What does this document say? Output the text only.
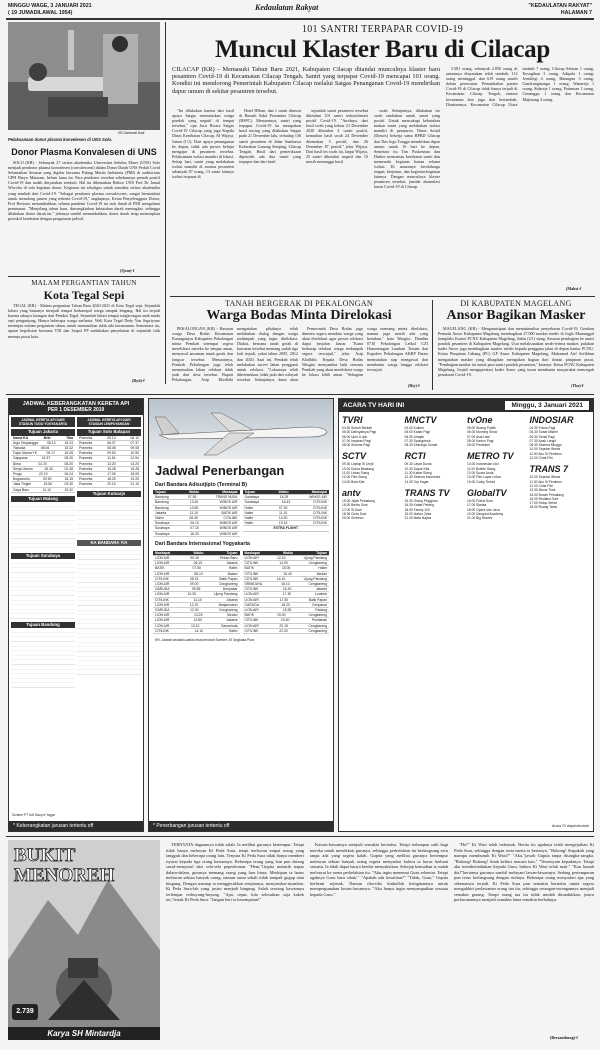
MINGGU WAGE, 3 JANUARI 2021
( 19 JUMADILAWAL 1954)
Kedaulatan Rakyat	"KEDAULATAN RAKYAT"
HALAMAN 7
KR-Damiandi Hadi
Pelaksanaan donor plasma konvelesen di UNS Solo.
Donor Plasma Konvalesen di UNS

SOLO (KR) - Sebanyak 27 sivitas akademika Universitas Sebelas Maret (UNS) Solo menjadi pendonor plasma konvalesen (convalescent) dalam Donor Darah UNS Peduli Covid Selamatkan Sesama yang digelar bersama Palang Merah Indonesia (PMI) di auditorium GPH Haryo Mataram, belum lama ini. Para pendonor tersebut sebelumnya pernah positif Covid-19 dan sudah dinyatakan sembuh. Hal itu dibenarkan Rektor UNS Prof Dr Jamal Wiwoho di sela kegiatan donor. Kegiatan ini sekaligus untuk mendata sivitas akademika yang sembuh dari Covid-19. "Sebagai pendonor plasma convalescent, sangat bermanfaat untuk menolong pasien yang terkena Covid-19," ungkapnya. Ketua Penyelenggara Donor, Prof Reviono menambahkan, selama pandemi Covid-19 ini stok darah di PMI mengalami penurunan. "Menjelang tahun baru, dimungkinkan kebutuhan darah meningkat, sehingga dilakukan donor darah ini," jelasnya sambil menambahkan, donor darah tetap menerapkan protokol kesehatan dengan pengaturan jadwal.

(Qom)-f
MALAM PERGANTIAN TAHUN
Kota Tegal Sepi

TEGAL (KR) - Malam pergantian Tahun Baru 2020-2021 di Kota Tegal sepi. Sejumlah lokasi yang biasanya menjadi tempat berkumpul warga tampak lengang. Hal itu terjadi karena adanya larangan dari Pemkot Tegal. Sejumlah lokasi tempat tongkrongan anak muda sepi pengunjung. Hanya beberapa warga melintas. Wali Kota Tegal Dedy Yon Supriyono meninjau malam pergantian tahun, untuk memastikan tidak ada kerumunan. Sementara itu, aparat kepolisian bersama TNI dan Satpol PP melakukan penyekatan di sejumlah titik menuju pusat kota.

(Ryd)-f
101 SANTRI TERPAPAR COVID-19
Muncul Klaster Baru di Cilacap
CILACAP (KR) - Memasuki Tahun Baru 2021, Kabupaten Cilacap ditandai munculnya klaster baru pesantren Covid-19 di Kecamatan Cilacap Tengah. Santri yang terpapar Covid-19 mencapai 101 orang. Kondisi ini mendorong Pemerintah Kabupaten Cilacap melalui Satgas Penanganan Covid-19 mendirikan dapur umum di sekitar pesantren tersebut.

"Ini dilakukan karena dari hasil upaya Satgas memutuskan warga pondok yang negatif di tempat tersebut," ujar Juru Bicara Satgas Covid-19 Cilacap yang juga Kepala Dinas Kesehatan Cilacap, M Wijaya, Jumat (1/1). Dari upaya penanganan ke depan, tidak ada proses belajar mengajar di pesantren tersebut. Pelaksanaan isolasi mandiri di lokasi. Setiap hari, santri yang melakukan isolasi mandiri di asrama pesantren sebanyak 87 orang, 13 santri lainnya isolasi terpusat di

Hotel HRom, dan 1 santri dirawat di Rumah Sakit Pertamina Cilacap (RSPC). Menurutnya, santri yang terpapar Covid-19 itu merupakan hasil tracing yang dilakukan Satgas pada 21 Desember lalu, terhadap 136 santri pesantren di Jalan Sumbawa Kelurahan Gunung Simping, Cilacap Tengah. Hasil dari pemeriksaan diperoleh ada dua santri yang terpapar dan dari hasil

sejumlah santri pesantren tersebut diketahui 101 santri terkonfirmasi positif Covid-19. "Awalnya, dari hasil swab yang keluar 21 Desember 2020 diketahui 4 santri positif, kemudian hasil swab 24 Desember ditemukan 5 positif, dan 26 Desember 87 positif," jelas Wijaya. Dari hasil tes swab itu, lanjut Wijaya, 25 santri diketahui negatif dan 10 masih menunggu hasil

swab. Selanjutnya, dilakukan tes swab tambahan untuk santri yang positif. Untuk mencukupi kebutuhan makan santri yang melakukan isolasi mandiri di pesantren, Dinas Sosial (Dinsos) bekerja sama BPBD Cilacap dan Tim Jogo Tonggo mendirikan dapur umum untuk 10 hari ke depan. Semetara itu Tim Puskesmas dan Dinkes memantau kesehatan santri dan memenuhi kegiatan harian selama isolasi. Di antaranya berolahraga ringan, berjemur, dan kegiatan-kegiatan lainnya. Dengan munculnya klaster pesantren tersebut, jumlah akumulasi kasus Covid-19 di Cilacap

3.581 orang, sebanyak 2.850 orang di antaranya dinyatakan telah sembuh, 112 orang meninggal, dan 619 orang masih dalam perawatan. Penambahan pasien Covid-19 di Cilacap tidak hanya terjadi di Kecamatan Cilacap Tengah, namun kecamatan lain juga ikut bertambah. Diantaranya, Kecamatan Cilacap Utara tambah 7 orang, Cilacap Selatan 1 orang, Kesugihan 3 orang, Adipala 1 orang, Jeruklegi 4 orang, Binangun 3 orang, Gandrungmangu 1 orang, Wanareja 1 orang, Sidareja 1 orang, Patimuan 1 orang, Cimanggu 1 orang dan Kecamatan Majenang 4 orang.

(Maksi-f
TANAH BERGERAK DI PEKALONGAN
Warga Bodas Minta Direlokasi

PEKALONGAN (KR) - Ratusan warga Desa Bodas Kecamatan Karanganyar Kabupaten Pekalongan minta Pemkab setempat segera merelokasi mereka ke tempat aman, menyusul ancaman tanah gerak dan longsor tersebut. Menurutnya, Pemkab Pekalongan juga telah memutuskan lahan relokasi tidak jauh dari desa tersebut. Bupati Pekalongan, Asip Kholbihi mengatakan pihaknya telah melakukan dialog dengan warga terdampak yang ingin direlokasi. Diakui, bencana tanah gerak di kawasan tersebut memang sudah tiga kali terjadi, yakni tahun 2005, 2012 dan 2020. Saat ini, Pemkab telah melakukan survei lahan pengganti untuk relokasi. "Lokasinya telah diketemukan, tidak jauh dari wilayah tersebut. Selanjutnya, kami akan

Pemerintah Desa Bodas juga diminta segera mendata warga yang akan direlokasi agar proses relokasi dapat berjalan lancar. "Kami berharap relokasi warga terdampak segera terwujud," jelas Asip Kholbihi. Kepala Desa Bodas Wasgito menyambut baik rencana Pemkab yang akan merelokasi warga ke lokasi lebih aman. "Sebagian warga memang minta direlokasi, namun juga masih ada yang bertahan," kata Wasgito. Dandim 0710 Pekalongan Letkol CZI Hamonangan Lumban Toruan dan Kapolres Pekalongan AKBP Darno menyatakan siap mengawal dan membantu warga hingga relokasi terwujud.

(Riy)-f
DI KABUPATEN MAGELANG
Ansor Bagikan Masker

MAGELANG (KR) - Mengantisipasi dan meminimalisir penyebaran Covid-19, Gerakan Pemuda Ansor Kabupaten Magelang membagikan 27.000 masker medis di Joglo Manunggal kompleks Kantor PCNU Kabupaten Magelang, Sabtu (2/1) siang. Sasaran pembagian ke santri pondok pesantren di Kabupaten Magelang. Usai melaksanakan serah-terima masker, puluhan kader Ansor juga membagikan masker medis kepada pengguna jalan di depan kantor PCNU. Ketua Pimpinan Cabang (PC) GP Ansor Kabupaten Magelang, Muhamad Arif Sofikhun mengatakan masker yang dibagikan merupakan bagian dari donasi pimpinan pusat. "Pembagian masker ini untuk para santri pondok pesantren," katanya. Ketua PCNU Kabupaten Magelang, Irsjadi mengapresiasi kader Ansor yang turun membantu masyarakat mencegah penularan Covid-19.

(Tha)-f
JADWAL KEBERANGKATAN KERETA API
PER 1 DESEMBER 2019
JADWAL KERETA API DARI STASIUN TUGU YOGYAKARTA
Tujuan Jakarta
Nama KA	Brkt	Tiba
Argo Dwipangga	08.13	15.24
Taksaka	08.06	15.32
Fajar Utama YK	09.17	16.05
Gajayana	01.57	08.26
Bima	02.20	08.20
Senja Utama	18.33	02.48
Progo	22.19	06.24
Bogowonto	09.50	18.15
Jaka Tingkir	19.56	03.30
Gaya Baru	11.10	19.32
Tujuan Malang
Tujuan Surabaya
Tujuan Bandung
JADWAL KERETA API DARI STASIUN LEMPUYANGAN
Tujuan Solo Balapan
Prameks	05.10	06.10
Prameks	06.37	07.37
Prameks	08.08	09.08
Prameks	09.50	10.50
Prameks	11.54	12.54
Prameks	13.20	14.20
Prameks	15.28	16.28
Prameks	17.05	18.05
Prameks	18.25	19.25
Prameks	20.10	21.10
Tujuan Kutoarjo
KA BANDARA YIA
Sumber PT KAI Daop 6 Yogya
* Keberangkatan jurusan tertentu off
Jadwal Penerbangan
Dari Bandara Adisutjipto (Terminal B)
Tujuan	Waktu	Maskapai
Bandung	07.55	TRANS NUSA
Bandung	13.20	WINGS AIR
Bandung	13.50	WINGS AIR
Jakarta	11.10	BATIK AIR
Halim	06.30	CITILINK
Surabaya	06.10	WINGS AIR
Surabaya	07.15	WINGS AIR
Surabaya	16.20	WINGS AIR
Tujuan	Waktu	Maskapai
Surabaya	18.25	WINGS AIR
Surabaya	16.43	CITILINK
Halim	07.30	CITILINK
Halim	11.10	CITILINK
Halim	14.50	CITILINK
Halim	19.15	CITILINK
EXTRA FLIGHT
Dari Bandara Internasional Yogyakarta
Maskapai	Waktu	Tujuan
LION AIR	05.45	Pekan Baru
LION AIR	06.15	Jakarta
BATIK	07.50	Halim
LION AIR	08.10	Batam
CITILINK	08.15	Balik Papan
LION AIR	09.00	Cengkareng
GARUDA	09.55	Denpasar
LION AIR	10.35	Ujung Pandang
CITILINK	11.10	Jakarta
LION AIR	12.10	Banjarmasin
GARUDA	12.30	Cengkareng
LION AIR	13.25	Medan
LION AIR	13.50	Jakarta
LION AIR	13.10	Samarinda
CITILINK	14.10	Halim
Maskapai	Waktu	Tujuan
LION AIR	12.40	Ujung Pandang
CITILINK	14.00	Cengkareng
BATIK	15.00	Halim
CITILINK	15.40	Medan
CITILINK	16.10	Ujung Pandang
SRIWIJAYA	16.10	Cengkareng
CITILINK	16.40	Jakarta
LION AIR	17.30	Lombok
LION AIR	17.50	Balik Papan
GARUDA	18.20	Denpasar
LION AIR	18.35	Padang
BATIK	19.00	Cengkareng
CITILINK	19.40	Pontianak
LION AIR	20.15	Cengkareng
CITILINK	22.00	Cengkareng
KR- Jadwal sewaktu-waktu bisa berubah Sumber: AT Angkasa Pura
* Penerbangan jurusan tertentu off
ACARA TV HARI INI	Minggu, 3 Januari 2021
TVRI
04.30 Subuh Berkah
05.00 Dahsyatnya Pagi
06.00 Upin & Ipin
07.00 Inspirasi Pagi
08.00 Sinema Pagi
SCTV
09.30 Laptop Si Unyil
10.00 Dunia Binatang
11.00 Lintas Siang
12.00 Film Siang
14.00 Bola Kita
antv
15.00 Jejak Petualang
16.00 Berita Sore
17.00 Si Doel
18.30 Cinta Suci
20.00 Sinetron
MNCTV
04.00 Kultum
05.00 Kabar Pagi
06.30 Jelajah
07.30 Spongebob
08.30 Keluarga Somat
RCTI
09.30 Layar Dunia
10.30 Dapur Kita
11.30 Kabar Siang
12.30 Sinema Indonesia
14.30 Top Kaget
TRANS TV
15.30 Orang Pinggiran
16.30 Kabar Petang
18.00 Family 100
19.00 Ikatan Cinta
21.00 Mata Najwa
tvOne
05.00 Ruang Publik
06.00 Morning Show
07.00 Asal Usul
08.00 Kartun Pagi
09.00 Pesbuker
METRO TV
10.00 Indonesian Idol
11.00 Buletin Siang
12.00 Suara Anda
13.00 Film Layar Lebar
15.00 Gosip Terkini
GlobalTV
16.00 Fokus Sore
17.00 Sketsa
18.00 Opera Van Java
19.00 Dangdut Academy
21.00 Big Movies
INDOSIAR
04.30 Fokus Pagi
05.30 Sobat Misteri
06.30 Serial Pagi
07.30 Anak Langit
08.30 Sinema Minggu
10.00 Seputar iNews
11.00 Aku Si Pemburu
12.00 Cinta Fitri
TRANS 7
10.00 Seputar iNews
11.00 Aku Si Pemburu
12.00 Cinta Fitri
13.30 Movie Time
15.00 Bocah Petualang
16.00 Redaksi Sore
17.00 Hidup Sehat
18.00 Ruang Tamu
Acara TV dapat berubah
BUKIT MENOREH
2.739
Karya SH Mintardja

TERNYATA dugaannya tidak salah. Ia melihat gurunya bertempur. Tetapi tidak hanya melawan Ki Peda Sura, tetapi melawan empat orang yang tangguh dan beberapa orang lain. Tenyata Ki Peda Sura tidak hanya memberi isyarat kepada tiga orang kawannya. Beberapa orang yang lain pun datang susul-menyusul dari sela-sela pepeohonan. "Hem,"Gupita menarik napas dalam-dalam, gurunya memang orang yang luar biasa. Meskipun ia harus melawan sekian banyak orang, namun sama sekali tidak tampak gugup atau bingung. Dengan mantap ia menggerakkan senjatanya, menyambar-nyambar. Ki Peda Sura-lah yang justru menjadi bingung. Salah seorang kawannya terlempar terhuyung-huyung. "Apa, cepat, kita selesaikan saja kakek ini,"teriak Ki Peda Sura. "Jangan beri ia kesempatan!"

Kawan-kawannya menjadi semakin bernafsu. Tetapi terlampau sulit bagi mereka untuk mendekati gurunya, sehingga perkelahian itu berlangsung seru tanpa ada yang segera kalah. Gupita yang melihat gurunya bertempur melawan sekian banyak orang segera menyadari bahwa ia harus berbuat sesuatu. Ia tidak dapat hanya berdiri menyaksikan. Sekejap kemudian ia sudah meloncat ke arena perkelahian itu. "Aku ingin menemui Guru sebentar. Tetapi agaknya Guru baru sibuk." "Apakah ada kesulitan?" "Tidak, Guru," Gupita berhenti sejenak. Namun tiba-tiba timbullah keinginannya untuk mempergunakan lawan-lawannya. "Aku hanya ingin menyampaikan sesuatu kepada Guru."

"He?" Ki Wasi telah terbunuh. Berita itu agaknya telah mengejutkan Ki Peda Sura, sehingga dengan serta-merta ia bertanya, "Bohong! Siapakah yang mampu membunuh Ki Wasi?" "Aku,"jawab Gupita tanpa disangka-sangka. "Bohong! Bohong! Anak kelinci macam kau." "Tersenyum kepadanya. Tetapi aku memberitahukan kepada Guru, bahwa Ki Wasi telah mati." "Kau bunuh dia?"bertanya gurunya sambil melayani lawan-lawannya. Sedang pertempuran pun terus berlangsung dengan riuhnya. Beberapa orang menyadari apa yang sebenarnya terjadi. Ki Peda Sura pun semakin bernafsu untuk segera mengakhiri perlawanan orang tua itu, sehingga serangan-serangannya menjadi semakin garang. Tetapi orang tua itu tidak mudah ditundukkan, justru perlawanannya menjadi semakin lama semakin berbahaya.

(Bersambung)-f
